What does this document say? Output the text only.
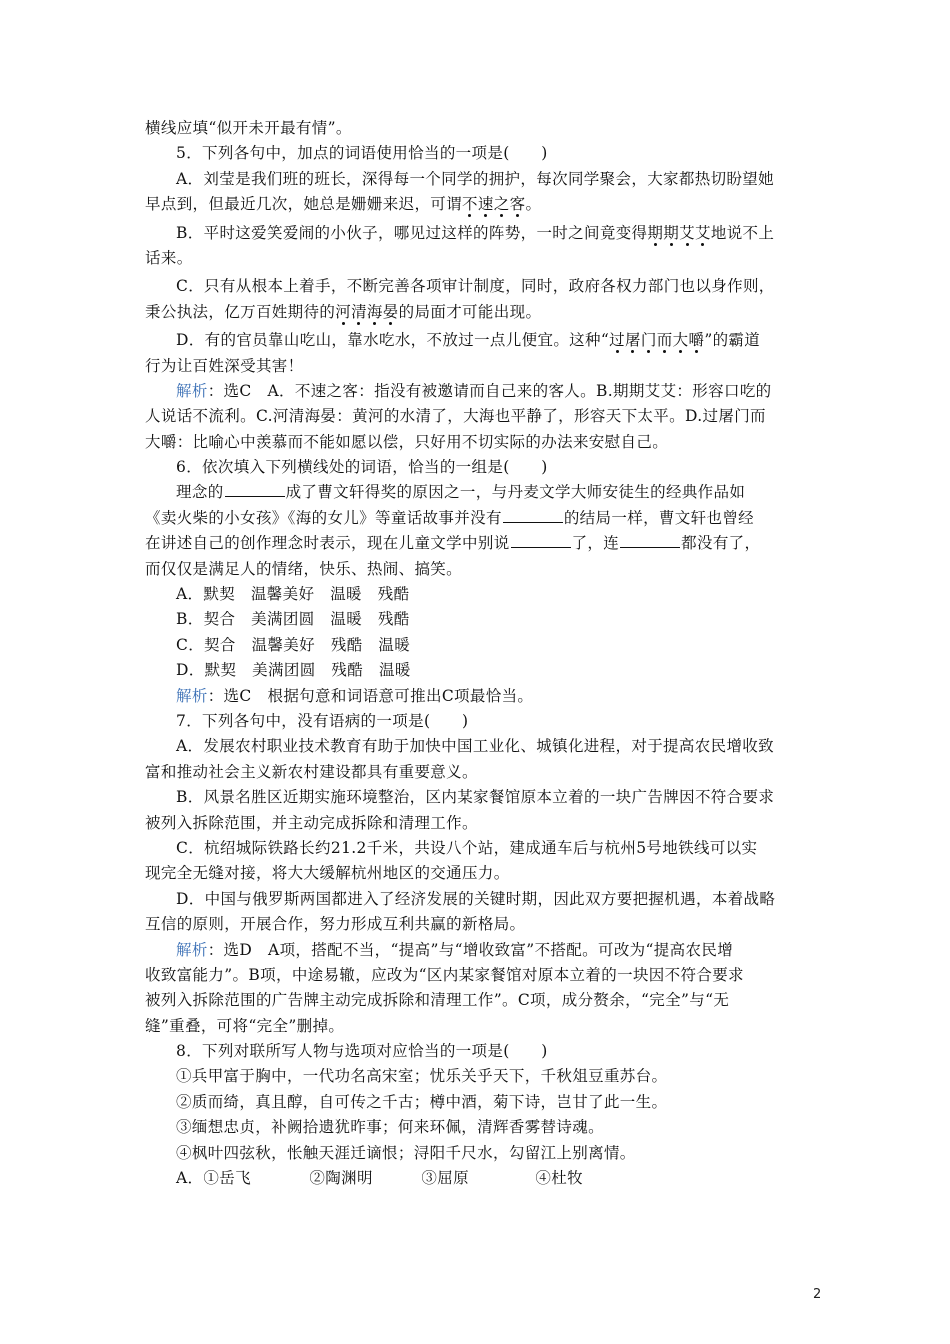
横线应填“似开未开最有情”。
5．下列各句中，加点的词语使用恰当的一项是(　　)
A．刘莹是我们班的班长，深得每一个同学的拥护，每次同学聚会，大家都热切盼望她
早点到，但最近几次，她总是姗姗来迟，可谓不速之客。
B．平时这爱笑爱闹的小伙子，哪见过这样的阵势，一时之间竟变得期期艾艾地说不上
话来。
C．只有从根本上着手，不断完善各项审计制度，同时，政府各权力部门也以身作则，
秉公执法，亿万百姓期待的河清海晏的局面才可能出现。
D．有的官员靠山吃山，靠水吃水，不放过一点儿便宜。这种“过屠门而大嚼”的霸道
行为让百姓深受其害！
解析：选C　A．不速之客：指没有被邀请而自己来的客人。B.期期艾艾：形容口吃的
人说话不流利。C.河清海晏：黄河的水清了，大海也平静了，形容天下太平。D.过屠门而
大嚼：比喻心中羡慕而不能如愿以偿，只好用不切实际的办法来安慰自己。
6．依次填入下列横线处的词语，恰当的一组是(　　)
理念的	成了曹文轩得奖的原因之一，与丹麦文学大师安徒生的经典作品如
《卖火柴的小女孩》《海的女儿》等童话故事并没有	的结局一样，曹文轩也曾经
在讲述自己的创作理念时表示，现在儿童文学中别说	了，连	都没有了，
而仅仅是满足人的情绪，快乐、热闹、搞笑。
A．默契　温馨美好　温暖　残酷
B．契合　美满团圆　温暖　残酷
C．契合　温馨美好　残酷　温暖
D．默契　美满团圆　残酷　温暖
解析：选C　根据句意和词语意可推出C项最恰当。
7．下列各句中，没有语病的一项是(　　)
A．发展农村职业技术教育有助于加快中国工业化、城镇化进程，对于提高农民增收致
富和推动社会主义新农村建设都具有重要意义。
B．风景名胜区近期实施环境整治，区内某家餐馆原本立着的一块广告牌因不符合要求
被列入拆除范围，并主动完成拆除和清理工作。
C．杭绍城际铁路长约21.2千米，共设八个站，建成通车后与杭州5号地铁线可以实
现完全无缝对接，将大大缓解杭州地区的交通压力。
D．中国与俄罗斯两国都进入了经济发展的关键时期，因此双方要把握机遇，本着战略
互信的原则，开展合作，努力形成互利共赢的新格局。
解析：选D　A项，搭配不当，“提高”与“增收致富”不搭配。可改为“提高农民增
收致富能力”。B项，中途易辙，应改为“区内某家餐馆对原本立着的一块因不符合要求
被列入拆除范围的广告牌主动完成拆除和清理工作”。C项，成分赘余，“完全”与“无
缝”重叠，可将“完全”删掉。
8．下列对联所写人物与选项对应恰当的一项是(　　)
①兵甲富于胸中，一代功名高宋室；忧乐关乎天下，千秋俎豆重苏台。
②质而绮，真且醇，自可传之千古；樽中酒，菊下诗，岂甘了此一生。
③缅想忠贞，补阙拾遗犹昨事；何来环佩，清辉香雾替诗魂。
④枫叶四弦秋，怅触天涯迁谪恨；浔阳千尺水，勾留江上别离情。
A．①岳飞	②陶渊明	③屈原	④杜牧
2
